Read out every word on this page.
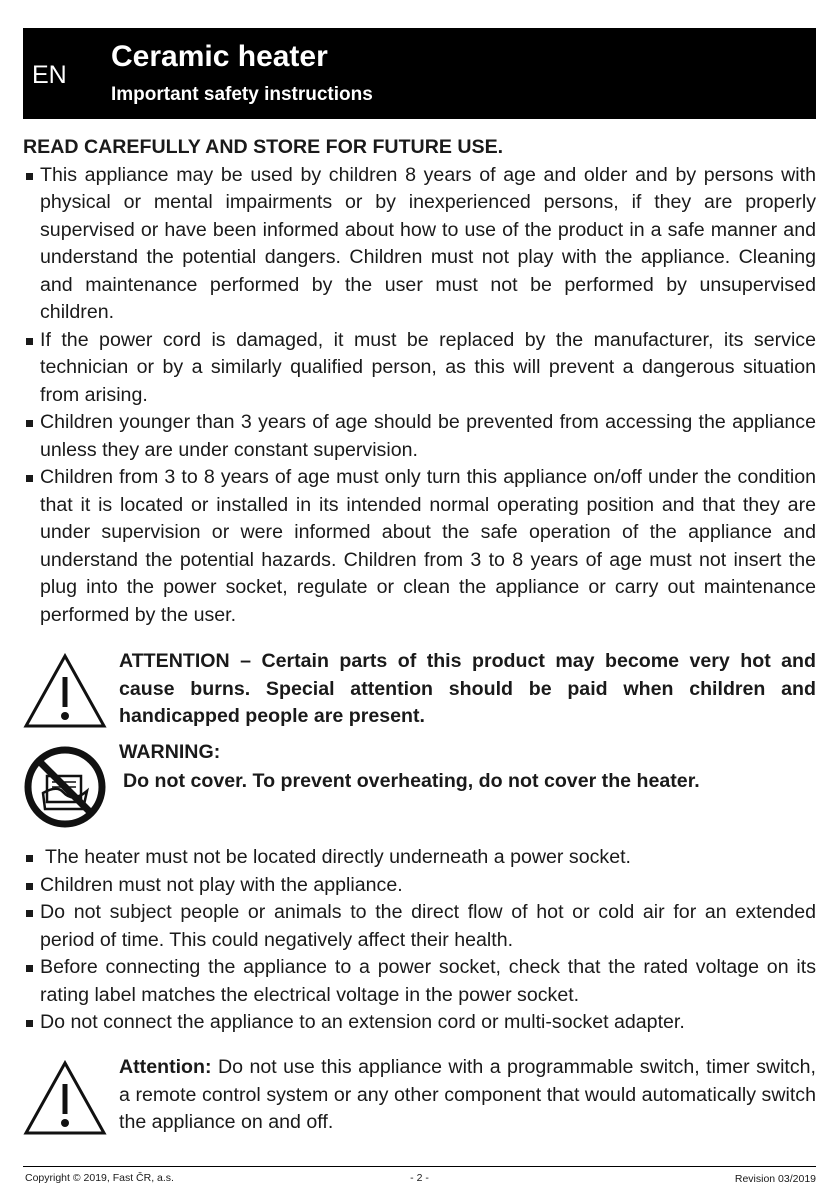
EN
Ceramic heater
Important safety instructions
READ CAREFULLY AND STORE FOR FUTURE USE.
This appliance may be used by children 8 years of age and older and by persons with physical or mental impairments or by inexperienced persons, if they are properly supervised or have been informed about how to use of the product in a safe manner and understand the potential dangers. Children must not play with the appliance. Cleaning and maintenance performed by the user must not be performed by unsupervised children.
If the power cord is damaged, it must be replaced by the manufacturer, its service technician or by a similarly qualified person, as this will prevent a dangerous situation from arising.
Children younger than 3 years of age should be prevented from accessing the appliance unless they are under constant supervision.
Children from 3 to 8 years of age must only turn this appliance on/off under the condition that it is located or installed in its intended normal operating position and that they are under supervision or were informed about the safe operation of the appliance and understand the potential hazards. Children from 3 to 8 years of age must not insert the plug into the power socket, regulate or clean the appliance or carry out maintenance performed by the user.
ATTENTION – Certain parts of this product may become very hot and cause burns. Special attention should be paid when children and handicapped people are present.
WARNING:
Do not cover. To prevent overheating, do not cover the heater.
The heater must not be located directly underneath a power socket.
Children must not play with the appliance.
Do not subject people or animals to the direct flow of hot or cold air for an extended period of time. This could negatively affect their health.
Before connecting the appliance to a power socket, check that the rated voltage on its rating label matches the electrical voltage in the power socket.
Do not connect the appliance to an extension cord or multi-socket adapter.
Attention: Do not use this appliance with a programmable switch, timer switch, a remote control system or any other component that would automatically switch the appliance on and off.
Copyright © 2019, Fast ČR, a.s.	- 2 -	Revision 03/2019
